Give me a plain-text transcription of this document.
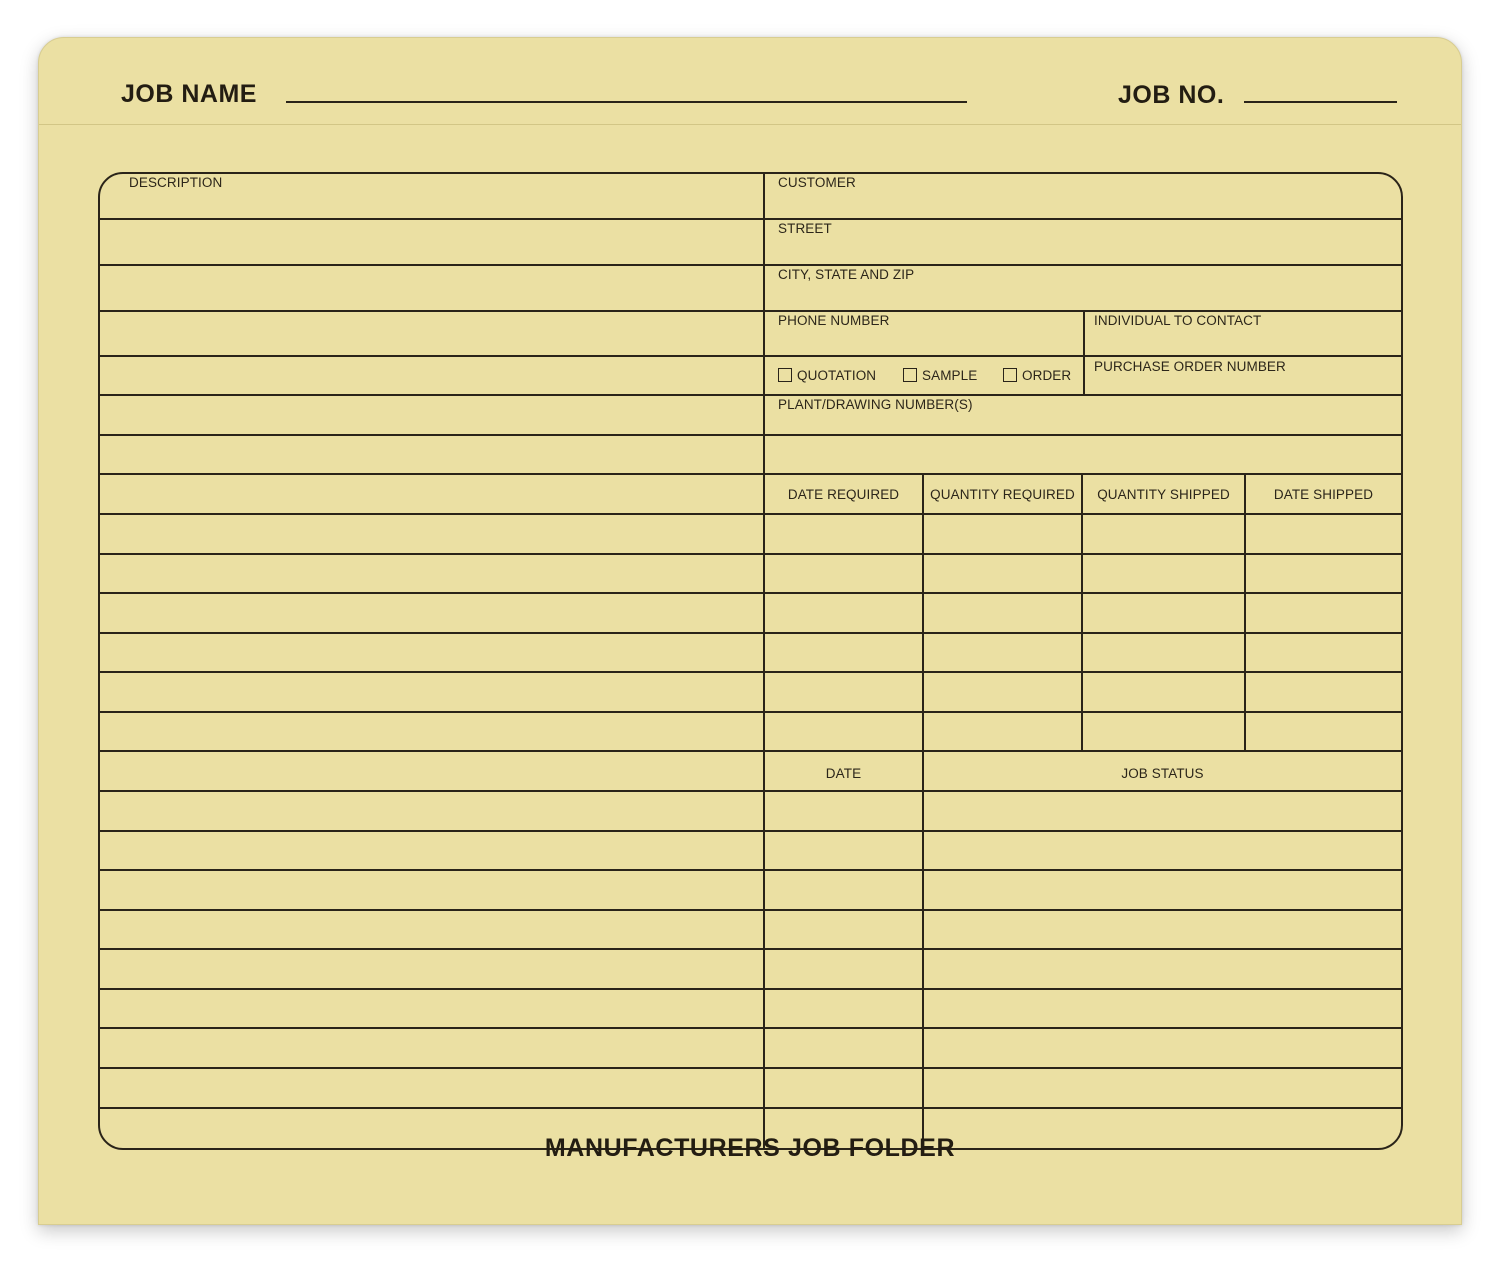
JOB NAME	JOB NO.
DESCRIPTION	CUSTOMER
STREET
CITY, STATE AND ZIP
PHONE NUMBER	INDIVIDUAL TO CONTACT
QUOTATION	SAMPLE	ORDER
PURCHASE ORDER NUMBER
PLANT/DRAWING NUMBER(S)
DATE REQUIRED	QUANTITY REQUIRED	QUANTITY SHIPPED	DATE SHIPPED
DATE	JOB STATUS
MANUFACTURERS JOB FOLDER
